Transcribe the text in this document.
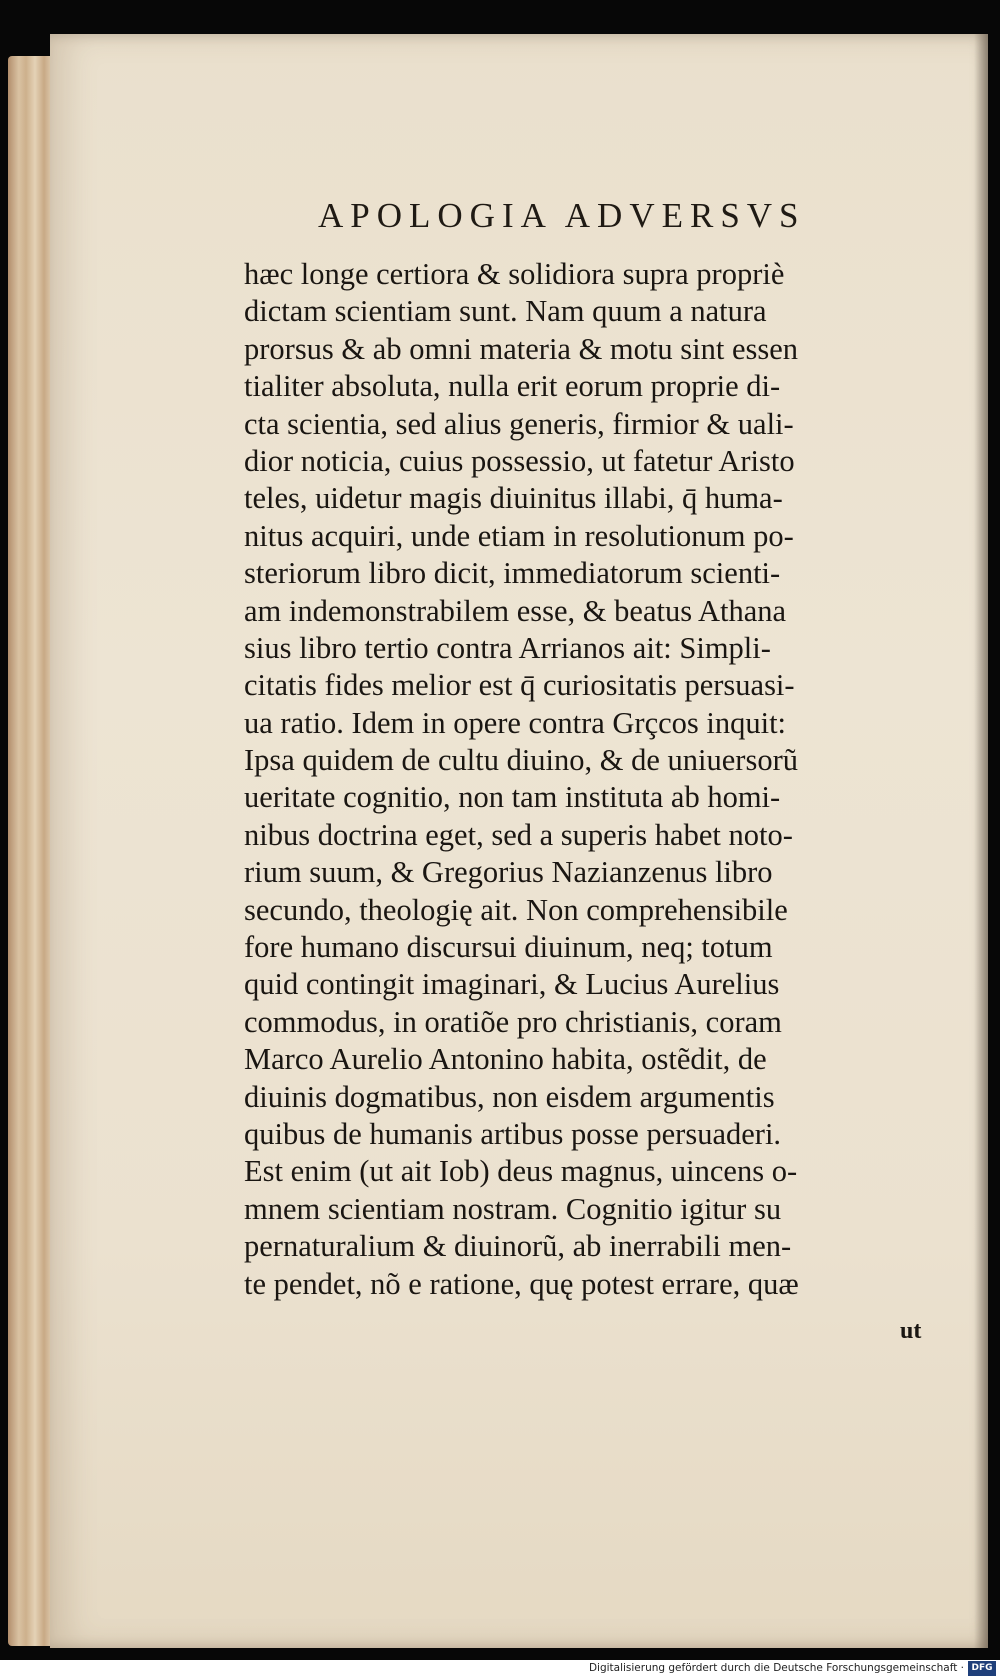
APOLOGIA ADVERSVS
hæc longe certiora & solidiora supra propriè
dictam scientiam sunt. Nam quum a natura
prorsus & ab omni materia & motu sint essen
tialiter absoluta, nulla erit eorum proprie di-
cta scientia, sed alius generis, firmior & uali-
dior noticia, cuius possessio, ut fatetur Aristo
teles, uidetur magis diuinitus illabi, q̄ huma-
nitus acquiri, unde etiam in resolutionum po-
steriorum libro dicit, immediatorum scienti-
am indemonstrabilem esse, & beatus Athana
sius libro tertio contra Arrianos ait: Simpli-
citatis fides melior est q̄ curiositatis persuasi-
ua ratio. Idem in opere contra Grçcos inquit:
Ipsa quidem de cultu diuino, & de uniuersorũ
ueritate cognitio, non tam instituta ab homi-
nibus doctrina eget, sed a superis habet noto-
rium suum, & Gregorius Nazianzenus libro
secundo, theologię ait. Non comprehensibile
fore humano discursui diuinum, neq; totum
quid contingit imaginari, & Lucius Aurelius
commodus, in oratiõe pro christianis, coram
Marco Aurelio Antonino habita, ostẽdit, de
diuinis dogmatibus, non eisdem argumentis
quibus de humanis artibus posse persuaderi.
Est enim (ut ait Iob) deus magnus, uincens o-
mnem scientiam nostram. Cognitio igitur su
pernaturalium & diuinorũ, ab inerrabili men-
te pendet, nõ e ratione, quę potest errare, quæ
ut
Digitalisierung gefördert durch die Deutsche Forschungsgemeinschaft · DFG
